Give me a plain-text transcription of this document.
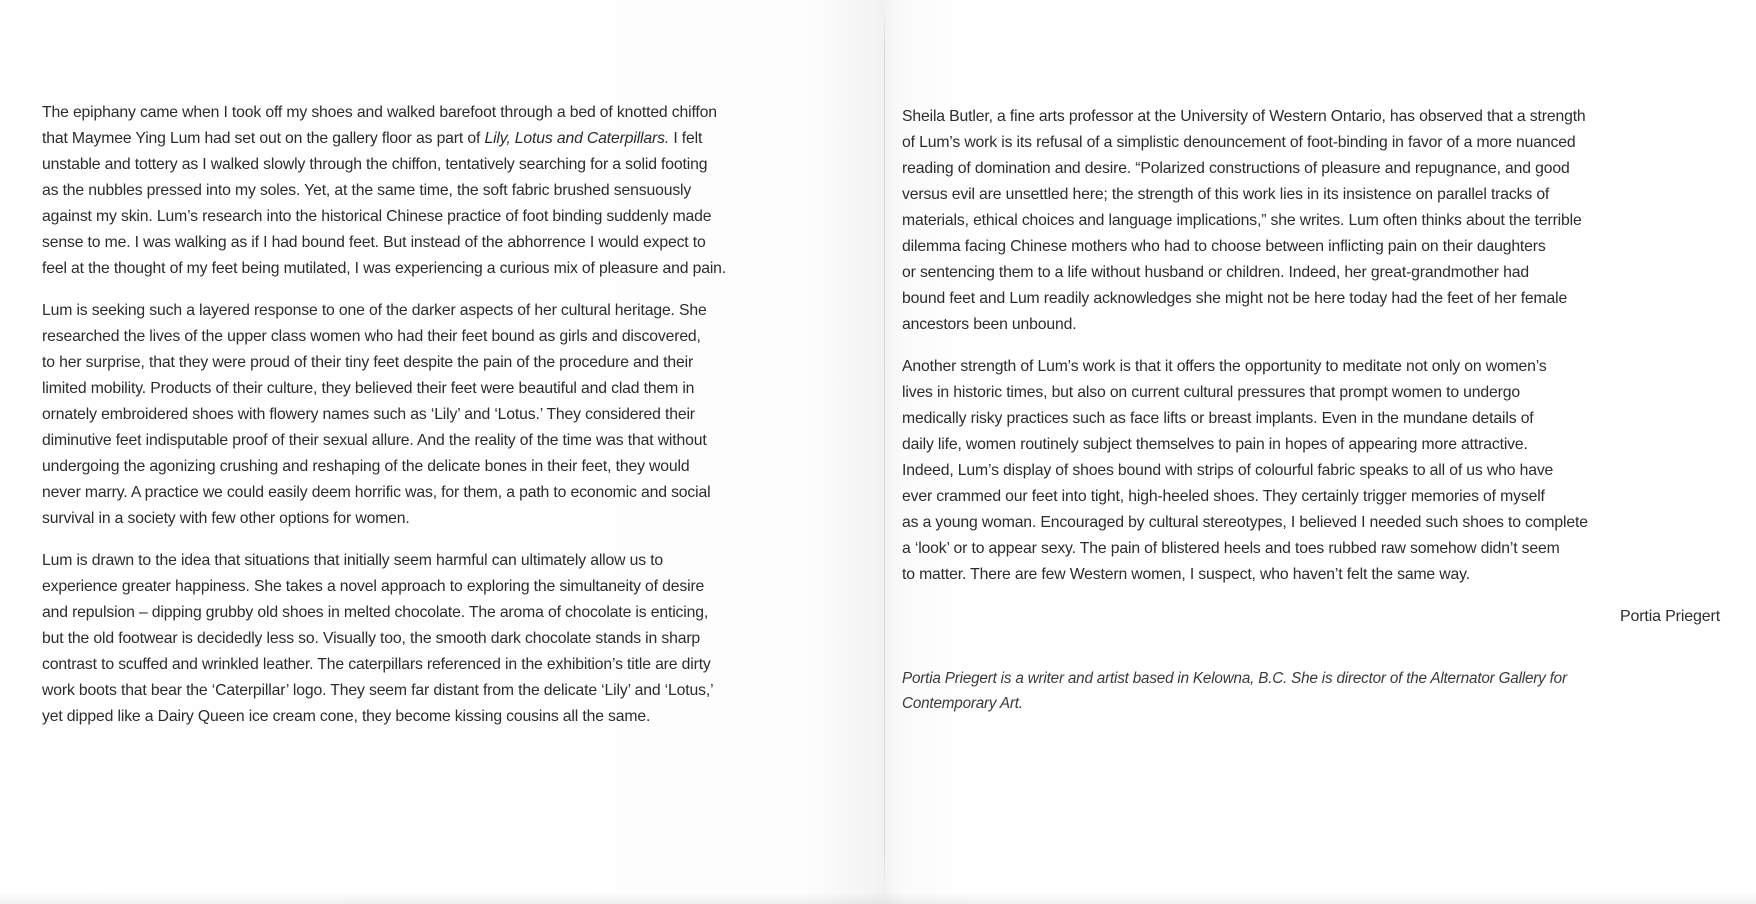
The epiphany came when I took off my shoes and walked barefoot through a bed of knotted chiffon
that Maymee Ying Lum had set out on the gallery floor as part of Lily, Lotus and Caterpillars. I felt
unstable and tottery as I walked slowly through the chiffon, tentatively searching for a solid footing
as the nubbles pressed into my soles. Yet, at the same time, the soft fabric brushed sensuously
against my skin. Lum’s research into the historical Chinese practice of foot binding suddenly made
sense to me. I was walking as if I had bound feet. But instead of the abhorrence I would expect to
feel at the thought of my feet being mutilated, I was experiencing a curious mix of pleasure and pain.

Lum is seeking such a layered response to one of the darker aspects of her cultural heritage. She
researched the lives of the upper class women who had their feet bound as girls and discovered,
to her surprise, that they were proud of their tiny feet despite the pain of the procedure and their
limited mobility. Products of their culture, they believed their feet were beautiful and clad them in
ornately embroidered shoes with flowery names such as ‘Lily’ and ‘Lotus.’ They considered their
diminutive feet indisputable proof of their sexual allure. And the reality of the time was that without
undergoing the agonizing crushing and reshaping of the delicate bones in their feet, they would
never marry. A practice we could easily deem horrific was, for them, a path to economic and social
survival in a society with few other options for women.

Lum is drawn to the idea that situations that initially seem harmful can ultimately allow us to
experience greater happiness. She takes a novel approach to exploring the simultaneity of desire
and repulsion – dipping grubby old shoes in melted chocolate. The aroma of chocolate is enticing,
but the old footwear is decidedly less so. Visually too, the smooth dark chocolate stands in sharp
contrast to scuffed and wrinkled leather. The caterpillars referenced in the exhibition’s title are dirty
work boots that bear the ‘Caterpillar’ logo. They seem far distant from the delicate ‘Lily’ and ‘Lotus,’
yet dipped like a Dairy Queen ice cream cone, they become kissing cousins all the same.

Sheila Butler, a fine arts professor at the University of Western Ontario, has observed that a strength
of Lum’s work is its refusal of a simplistic denouncement of foot-binding in favor of a more nuanced
reading of domination and desire. “Polarized constructions of pleasure and repugnance, and good
versus evil are unsettled here; the strength of this work lies in its insistence on parallel tracks of
materials, ethical choices and language implications,” she writes. Lum often thinks about the terrible
dilemma facing Chinese mothers who had to choose between inflicting pain on their daughters
or sentencing them to a life without husband or children. Indeed, her great-grandmother had
bound feet and Lum readily acknowledges she might not be here today had the feet of her female
ancestors been unbound.

Another strength of Lum’s work is that it offers the opportunity to meditate not only on women’s
lives in historic times, but also on current cultural pressures that prompt women to undergo
medically risky practices such as face lifts or breast implants. Even in the mundane details of
daily life, women routinely subject themselves to pain in hopes of appearing more attractive.
Indeed, Lum’s display of shoes bound with strips of colourful fabric speaks to all of us who have
ever crammed our feet into tight, high-heeled shoes. They certainly trigger memories of myself
as a young woman. Encouraged by cultural stereotypes, I believed I needed such shoes to complete
a ‘look’ or to appear sexy. The pain of blistered heels and toes rubbed raw somehow didn’t seem
to matter. There are few Western women, I suspect, who haven’t felt the same way.

Portia Priegert
Portia Priegert is a writer and artist based in Kelowna, B.C. She is director of the Alternator Gallery for
Contemporary Art.
